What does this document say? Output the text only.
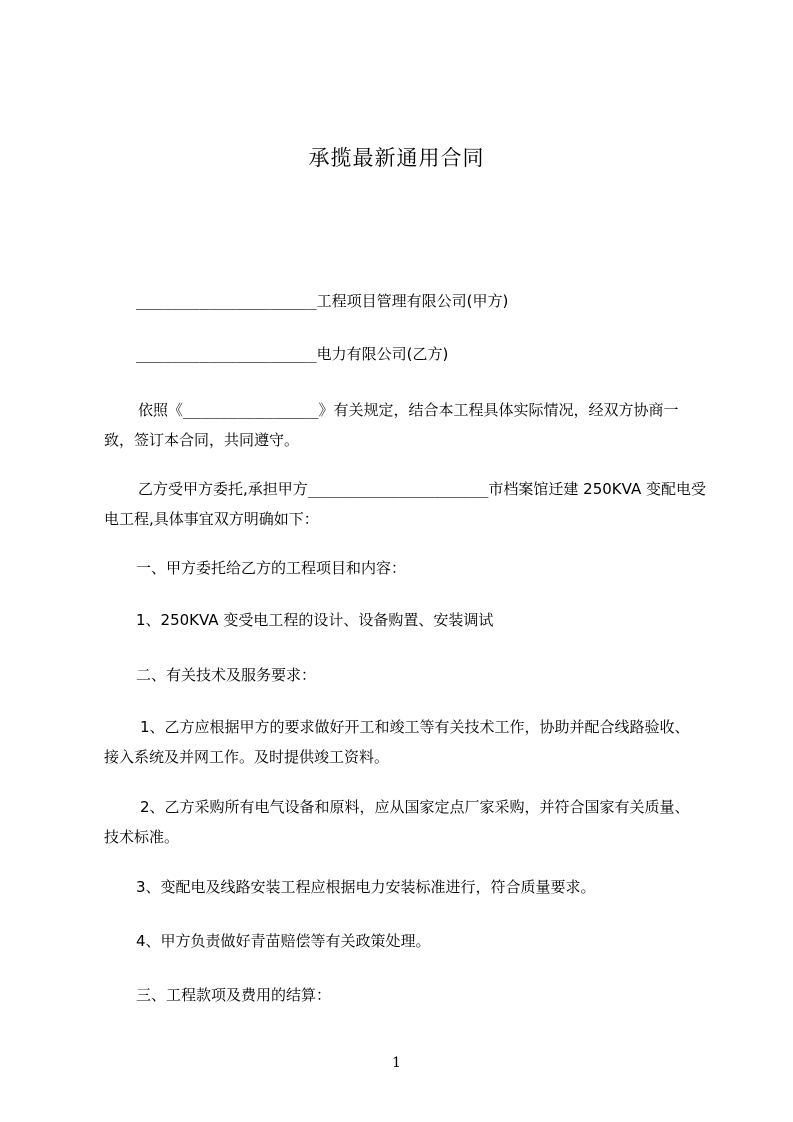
承揽最新通用合同
____________________工程项目管理有限公司(甲方)
____________________电力有限公司(乙方)

依照《_______________》有关规定，结合本工程具体实际情况，经双方协商一

致，签订本合同，共同遵守。

乙方受甲方委托,承担甲方____________________市档案馆迁建 250KVA 变配电受

电工程,具体事宜双方明确如下：

一、甲方委托给乙方的工程项目和内容：
1、250KVA 变受电工程的设计、设备购置、安装调试
二、有关技术及服务要求：

1、乙方应根据甲方的要求做好开工和竣工等有关技术工作，协助并配合线路验收、

接入系统及并网工作。及时提供竣工资料。

2、乙方采购所有电气设备和原料，应从国家定点厂家采购，并符合国家有关质量、

技术标准。

3、变配电及线路安装工程应根据电力安装标准进行，符合质量要求。
4、甲方负责做好青苗赔偿等有关政策处理。
三、工程款项及费用的结算：
1
